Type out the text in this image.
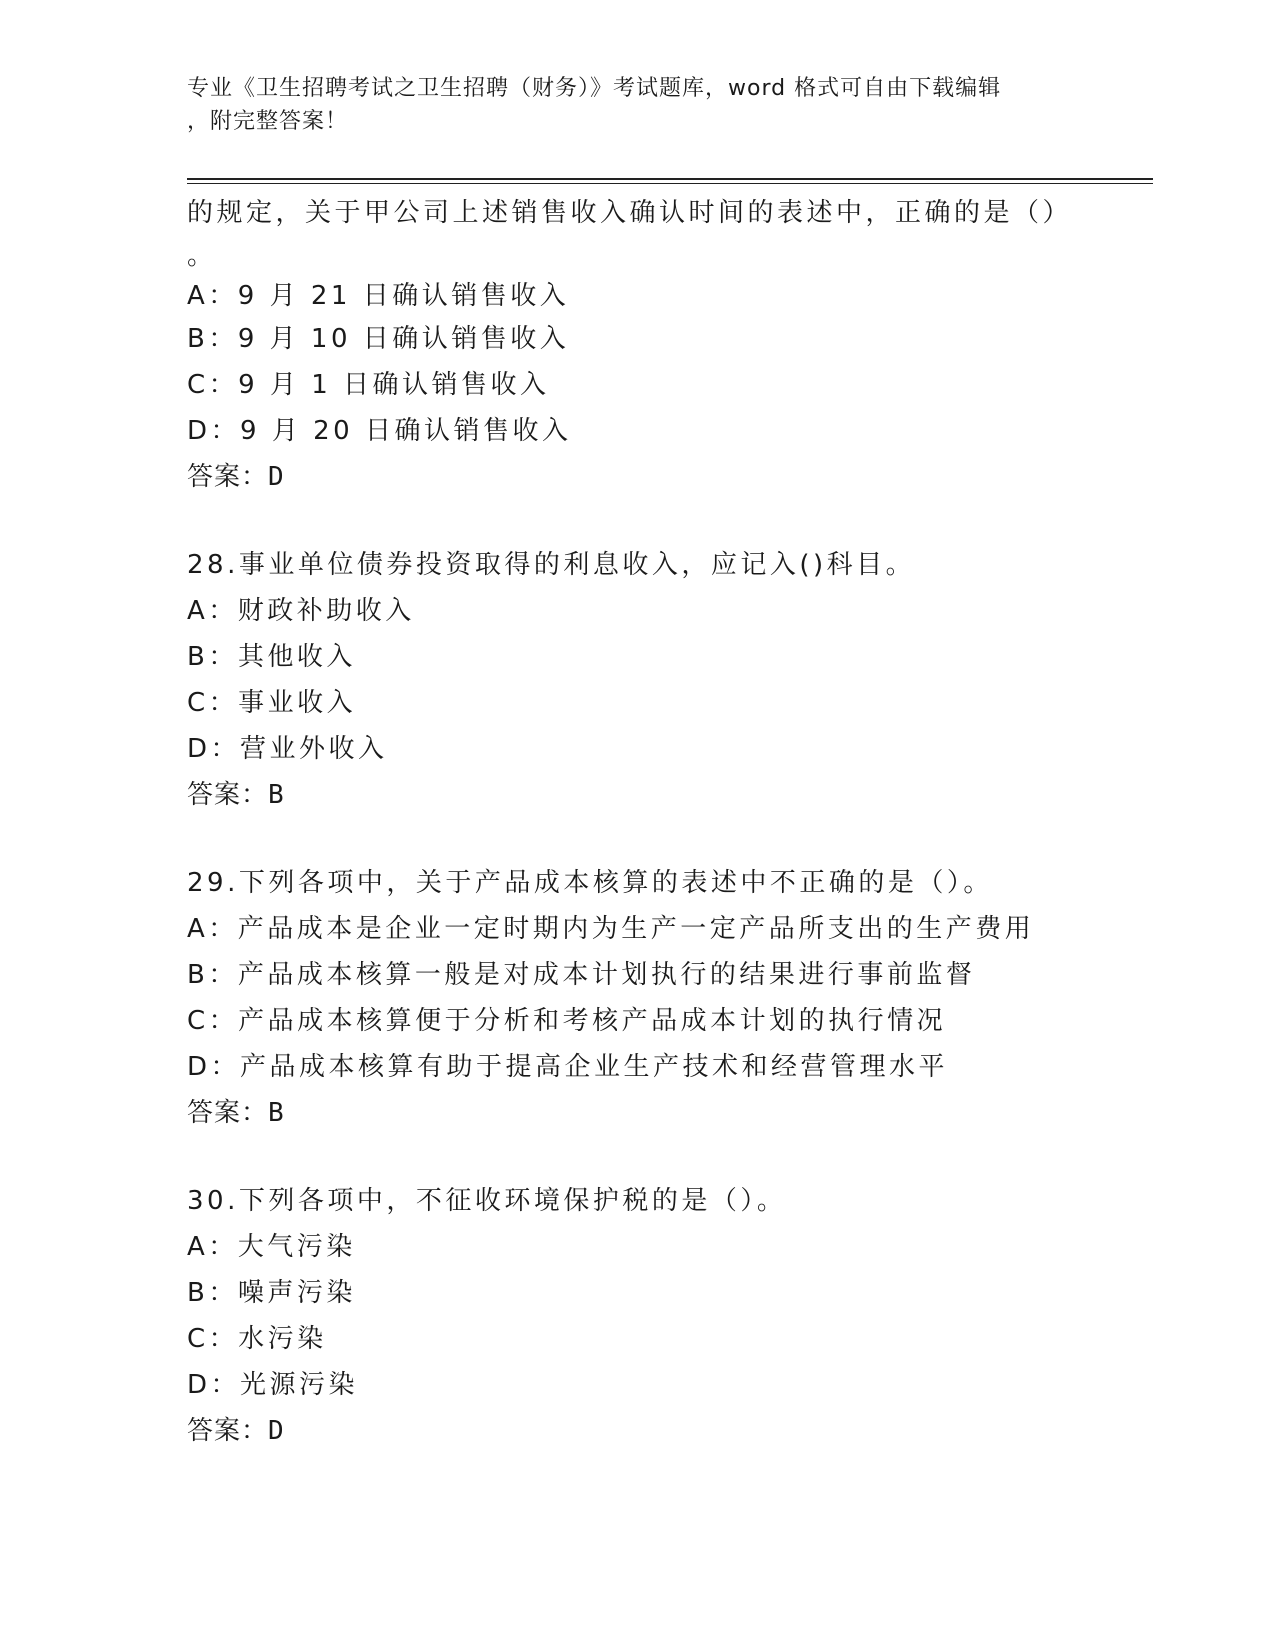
专业《卫生招聘考试之卫生招聘（财务）》考试题库，word 格式可自由下载编辑
，附完整答案！
的规定，关于甲公司上述销售收入确认时间的表述中，正确的是（）
。
A：9 月 21 日确认销售收入
B：9 月 10 日确认销售收入
C：9 月 1 日确认销售收入
D：9 月 20 日确认销售收入
答案：D
28.事业单位债券投资取得的利息收入，应记入()科目。
A：财政补助收入
B：其他收入
C：事业收入
D：营业外收入
答案：B
29.下列各项中，关于产品成本核算的表述中不正确的是（）。
A：产品成本是企业一定时期内为生产一定产品所支出的生产费用
B：产品成本核算一般是对成本计划执行的结果进行事前监督
C：产品成本核算便于分析和考核产品成本计划的执行情况
D：产品成本核算有助于提高企业生产技术和经营管理水平
答案：B
30.下列各项中，不征收环境保护税的是（）。
A：大气污染
B：噪声污染
C：水污染
D：光源污染
答案：D
